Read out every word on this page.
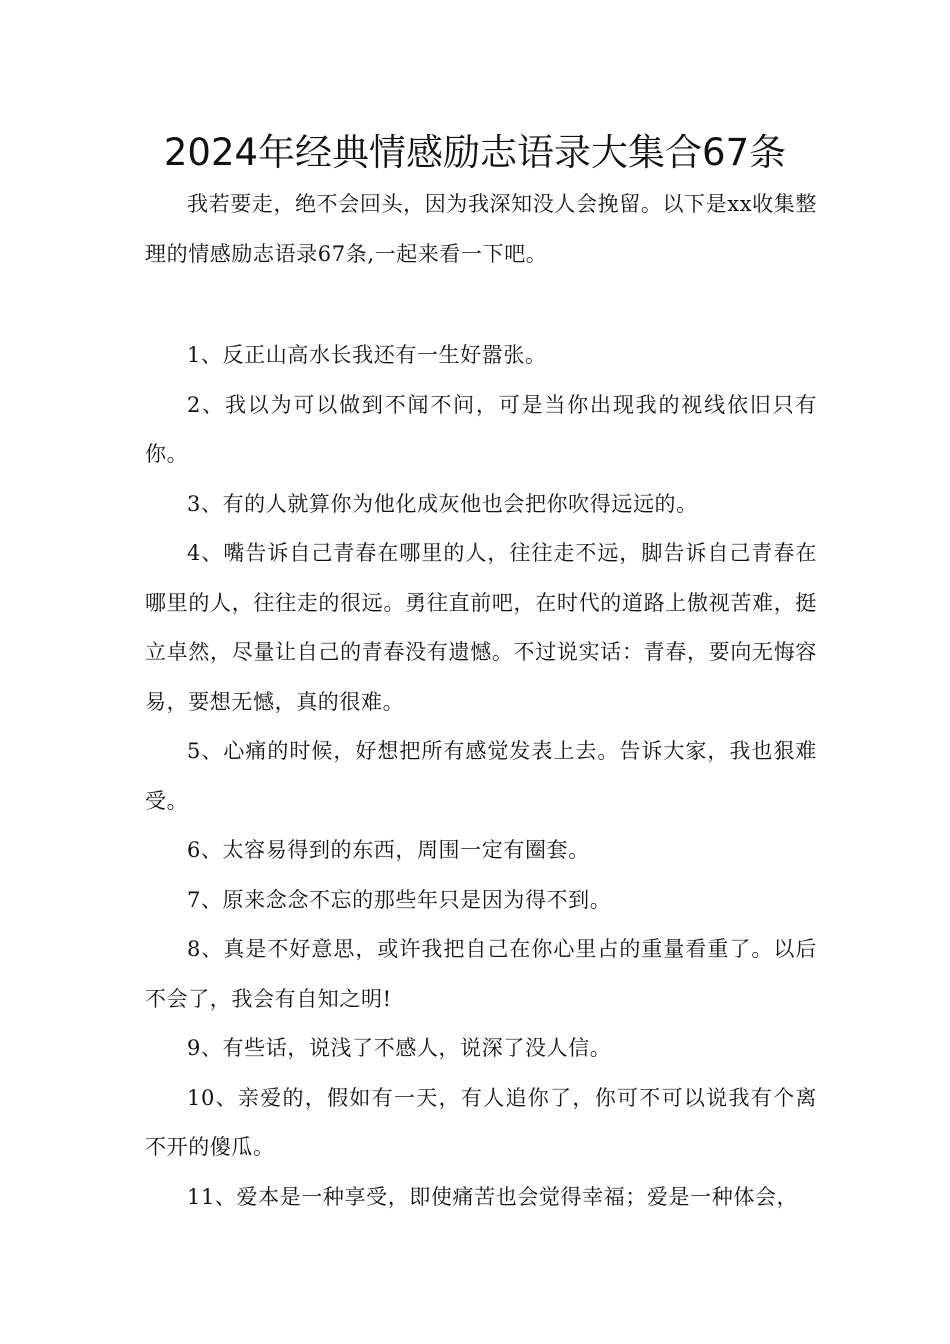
2024年经典情感励志语录大集合67条

我若要走，绝不会回头，因为我深知没人会挽留。以下是xx收集整理的情感励志语录67条,一起来看一下吧。

1、反正山高水长我还有一生好嚣张。

2、我以为可以做到不闻不问，可是当你出现我的视线依旧只有你。

3、有的人就算你为他化成灰他也会把你吹得远远的。

4、嘴告诉自己青春在哪里的人，往往走不远，脚告诉自己青春在哪里的人，往往走的很远。勇往直前吧，在时代的道路上傲视苦难，挺立卓然，尽量让自己的青春没有遗憾。不过说实话：青春，要向无悔容易，要想无憾，真的很难。

5、心痛的时候，好想把所有感觉发表上去。告诉大家，我也狠难受。

6、太容易得到的东西，周围一定有圈套。

7、原来念念不忘的那些年只是因为得不到。

8、真是不好意思，或许我把自己在你心里占的重量看重了。以后不会了，我会有自知之明!

9、有些话，说浅了不感人，说深了没人信。

10、亲爱的，假如有一天，有人追你了，你可不可以说我有个离不开的傻瓜。

11、爱本是一种享受，即使痛苦也会觉得幸福；爱是一种体会，
